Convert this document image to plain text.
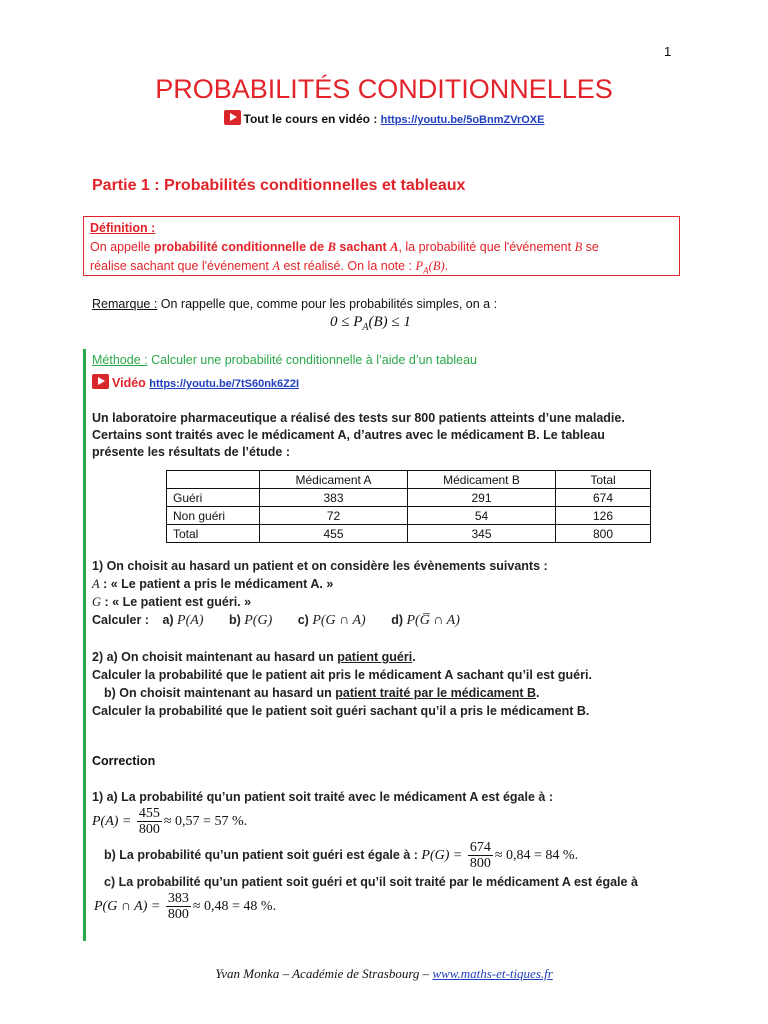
1
PROBABILITÉS CONDITIONNELLES
Tout le cours en vidéo : https://youtu.be/5oBnmZVrOXE
Partie 1 : Probabilités conditionnelles et tableaux
Définition :
On appelle probabilité conditionnelle de B sachant A, la probabilité que l'événement B se
réalise sachant que l'événement A est réalisé. On la note : $P_A(B)$.
Remarque : On rappelle que, comme pour les probabilités simples, on a :
$0 \le P_A(B) \le 1$
Méthode : Calculer une probabilité conditionnelle à l’aide d’un tableau
Vidéo https://youtu.be/7tS60nk6Z2I
Un laboratoire pharmaceutique a réalisé des tests sur 800 patients atteints d’une maladie.
Certains sont traités avec le médicament A, d’autres avec le médicament B. Le tableau
présente les résultats de l’étude :
	Médicament A	Médicament B	Total
Guéri	383	291	674
Non guéri	72	54	126
Total	455	345	800
1) On choisit au hasard un patient et on considère les évènements suivants :
A : « Le patient a pris le médicament A. »
G : « Le patient est guéri. »
Calculer : a) P(A) b) P(G) c) P(G ∩ A) d) P(G̅ ∩ A)
2) a) On choisit maintenant au hasard un patient guéri.
Calculer la probabilité que le patient ait pris le médicament A sachant qu’il est guéri.
b) On choisit maintenant au hasard un patient traité par le médicament B.
Calculer la probabilité que le patient soit guéri sachant qu’il a pris le médicament B.
Correction
1) a) La probabilité qu’un patient soit traité avec le médicament A est égale à :
$P(A) = \frac{455}{800} \approx 0,57 = 57$ %.
b) La probabilité qu’un patient soit guéri est égale à : $P(G) = \frac{674}{800} \approx 0,84 = 84$ %.
c) La probabilité qu’un patient soit guéri et qu’il soit traité par le médicament A est égale à
P(G ∩ $A) = \frac{383}{800} \approx 0,48 = 48$ %.
Yvan Monka – Académie de Strasbourg – www.maths-et-tiques.fr
